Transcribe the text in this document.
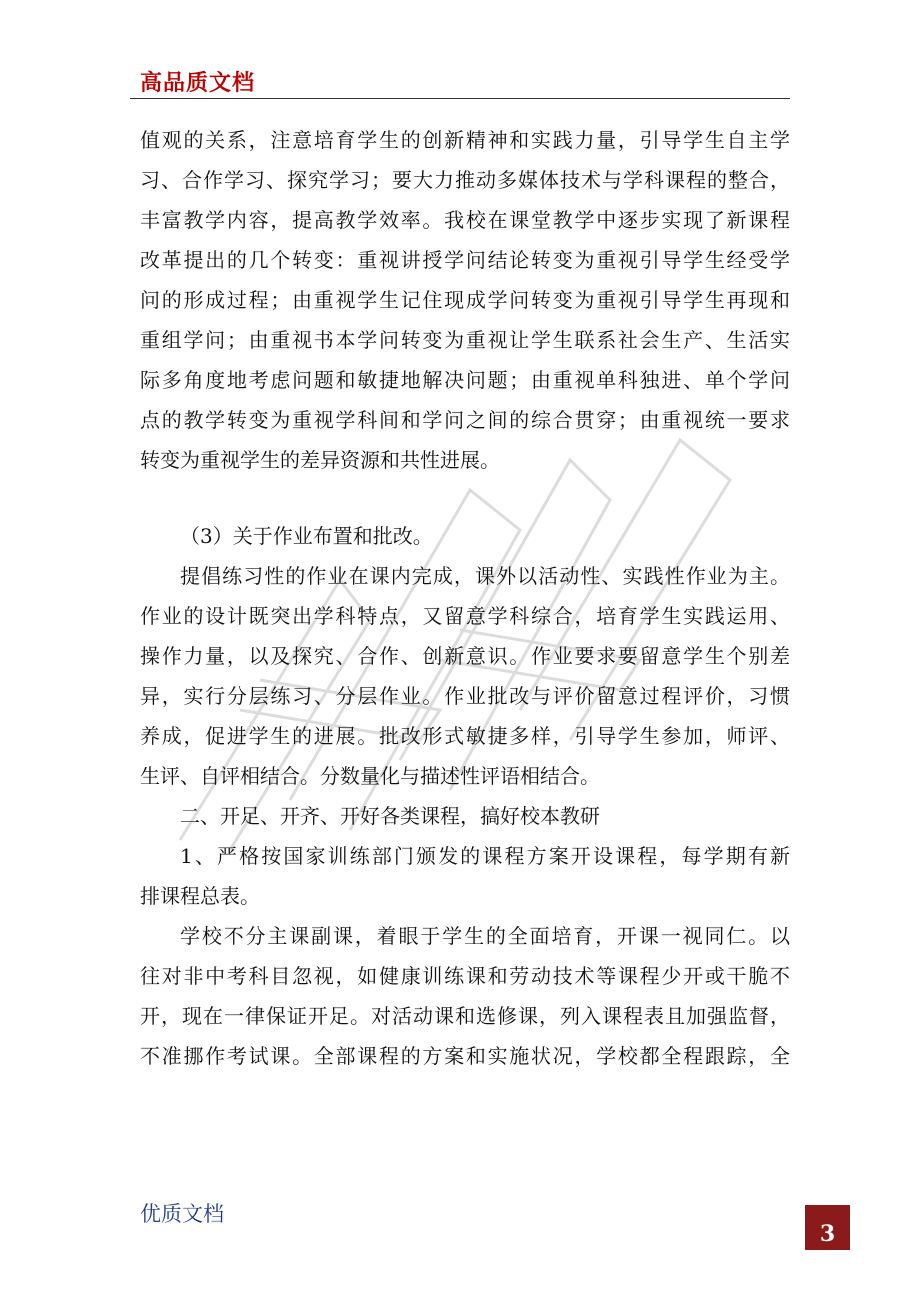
高品质文档
值观的关系，注意培育学生的创新精神和实践力量，引导学生自主学
习、合作学习、探究学习；要大力推动多媒体技术与学科课程的整合，
丰富教学内容，提高教学效率。我校在课堂教学中逐步实现了新课程
改革提出的几个转变：重视讲授学问结论转变为重视引导学生经受学
问的形成过程；由重视学生记住现成学问转变为重视引导学生再现和
重组学问；由重视书本学问转变为重视让学生联系社会生产、生活实
际多角度地考虑问题和敏捷地解决问题；由重视单科独进、单个学问
点的教学转变为重视学科间和学问之间的综合贯穿；由重视统一要求
转变为重视学生的差异资源和共性进展。
（3）关于作业布置和批改。
提倡练习性的作业在课内完成，课外以活动性、实践性作业为主。
作业的设计既突出学科特点，又留意学科综合，培育学生实践运用、
操作力量，以及探究、合作、创新意识。作业要求要留意学生个别差
异，实行分层练习、分层作业。作业批改与评价留意过程评价，习惯
养成，促进学生的进展。批改形式敏捷多样，引导学生参加，师评、
生评、自评相结合。分数量化与描述性评语相结合。
二、开足、开齐、开好各类课程，搞好校本教研
1、严格按国家训练部门颁发的课程方案开设课程，每学期有新
排课程总表。
学校不分主课副课，着眼于学生的全面培育，开课一视同仁。以
往对非中考科目忽视，如健康训练课和劳动技术等课程少开或干脆不
开，现在一律保证开足。对活动课和选修课，列入课程表且加强监督，
不准挪作考试课。全部课程的方案和实施状况，学校都全程跟踪，全
优质文档
3
